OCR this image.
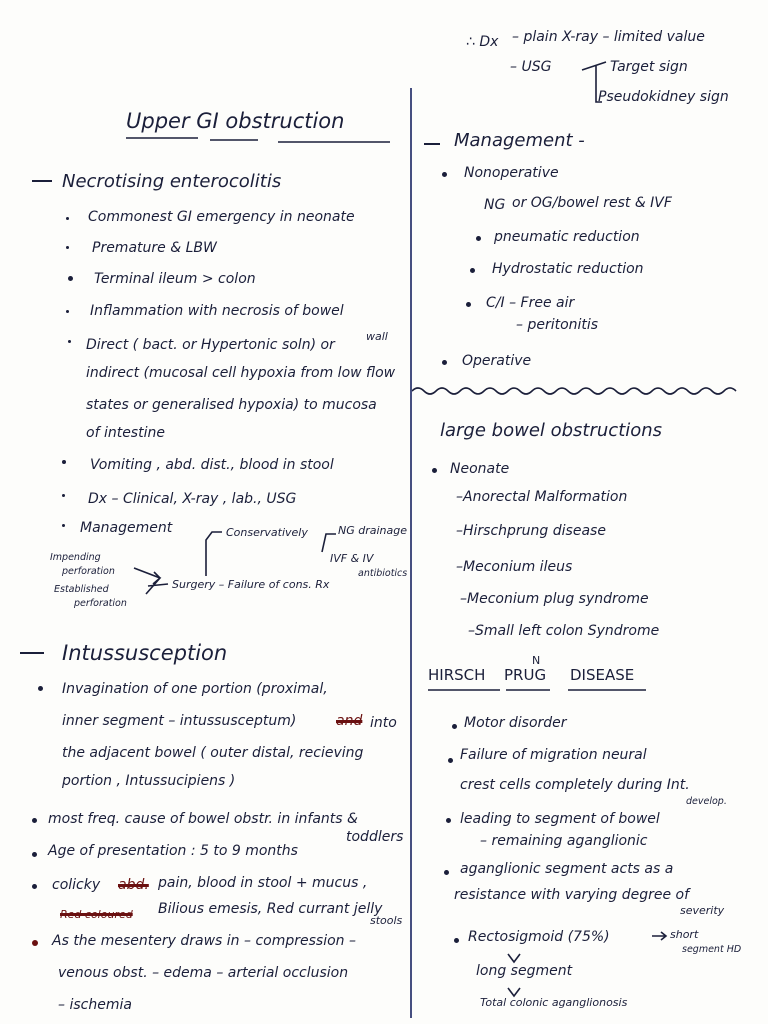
∴ Dx – plain X-ray – limited value
– USG	Target sign
Pseudokidney sign
Upper GI obstruction
Necrotising enterocolitis
Commonest GI emergency in neonate
Premature & LBW
Terminal ileum > colon
Inflammation with necrosis of bowel
wall
Direct ( bact. or Hypertonic soln) or
indirect (mucosal cell hypoxia from low flow
states or generalised hypoxia) to mucosa
of intestine
Vomiting , abd. dist., blood in stool
Dx – Clinical, X-ray , lab., USG
Management	Conservatively	NG drainage
IVF & IV
antibiotics
Impending
perforation
Established
perforation
Surgery – Failure of cons. Rx
Intussusception
Invagination of one portion (proximal,
inner segment – intussusceptum)	and into
the adjacent bowel ( outer distal, recieving
portion , Intussucipiens )
most freq. cause of bowel obstr. in infants &
toddlers
Age of presentation : 5 to 9 months
colicky abd. pain, blood in stool + mucus ,
Red coloured Bilious emesis, Red currant jelly
stools
As the mesentery draws in – compression –
venous obst. – edema – arterial occlusion
– ischemia
Management -
Nonoperative
NG or OG/bowel rest & IVF
pneumatic reduction
Hydrostatic reduction
C/I – Free air
– peritonitis
Operative
large bowel obstructions
Neonate
–Anorectal Malformation
–Hirschprung disease
–Meconium ileus
–Meconium plug syndrome
–Small left colon Syndrome
HIRSCH PRUG
N
DISEASE
Motor disorder
Failure of migration neural
crest cells completely during Int.
develop.
leading to segment of bowel
– remaining aganglionic
aganglionic segment acts as a
resistance with varying degree of
severity
Rectosigmoid (75%)	short
segment HD
long segment
Total colonic aganglionosis
